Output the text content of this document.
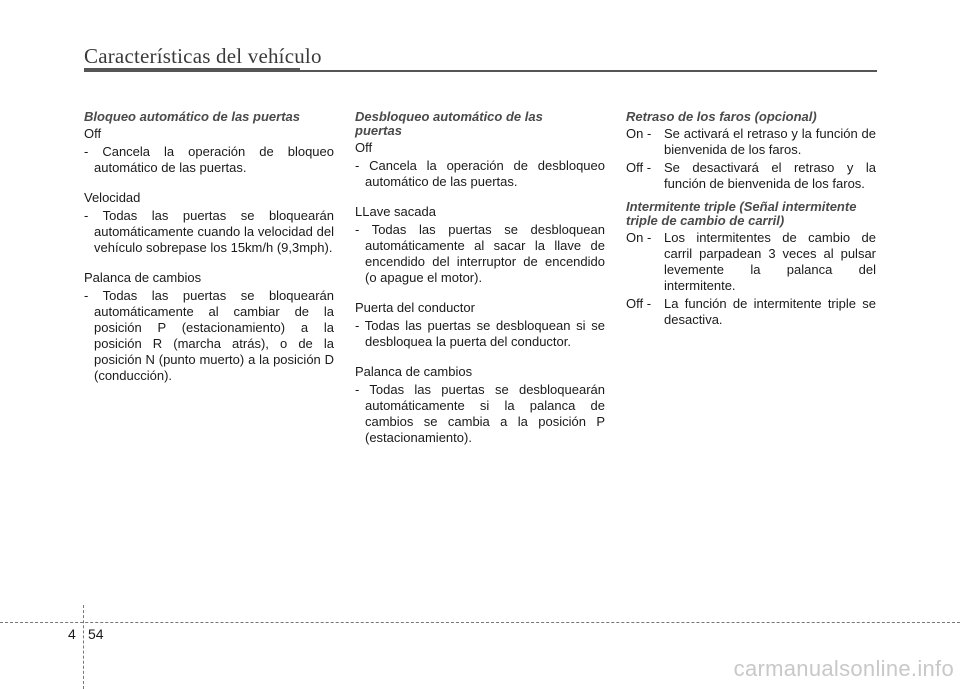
Características del vehículo

Bloqueo automático de las puertas

Off

- Cancela la operación de bloqueo automático de las puertas.

Velocidad

- Todas las puertas se bloquearán automáticamente cuando la velocidad del vehículo sobrepase los 15km/h (9,3mph).

Palanca de cambios

- Todas las puertas se bloquearán automáticamente al cambiar de la posición P (estacionamiento) a la posición R (marcha atrás), o de la posición N (punto muerto) a la posición D (conducción).

Desbloqueo automático de las puertas

Off

- Cancela la operación de desbloqueo automático de las puertas.

LLave sacada

- Todas las puertas se desbloquean automáticamente al sacar la llave de encendido del interruptor de encendido (o apague el motor).

Puerta del conductor

- Todas las puertas se desbloquean si se desbloquea la puerta del conductor.

Palanca de cambios

- Todas las puertas se desbloquearán automáticamente si la palanca de cambios se cambia a la posición P (estacionamiento).

Retraso de los faros (opcional)

On - Se activará el retraso y la función de bienvenida de los faros.
Off - Se desactivará el retraso y la función de bienvenida de los faros.

Intermitente triple (Señal intermitente triple de cambio de carril)

On - Los intermitentes de cambio de carril parpadean 3 veces al pulsar levemente la palanca del intermitente.
Off - La función de intermitente triple se desactiva.
4 54
carmanualsonline.info
